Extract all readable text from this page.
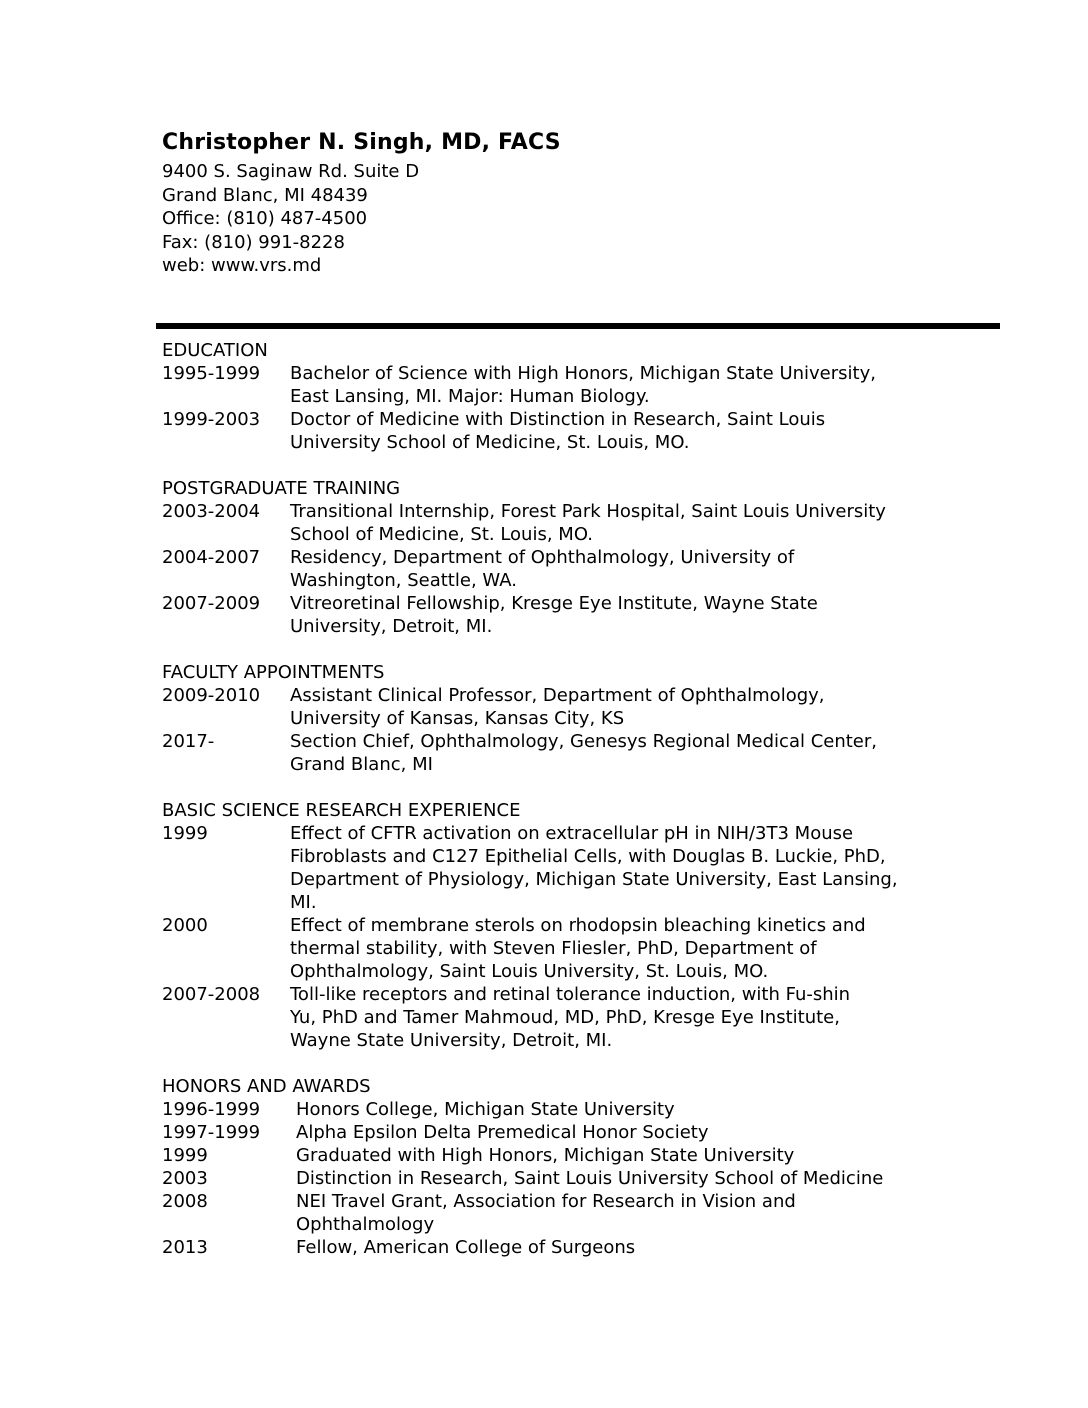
Christopher N. Singh, MD, FACS
9400 S. Saginaw Rd. Suite D
Grand Blanc, MI 48439
Office: (810) 487-4500
Fax: (810) 991-8228
web: www.vrs.md
EDUCATION
1995-1999	Bachelor of Science with High Honors, Michigan State University,
East Lansing, MI. Major: Human Biology.
1999-2003	Doctor of Medicine with Distinction in Research, Saint Louis
University School of Medicine, St. Louis, MO.
POSTGRADUATE TRAINING
2003-2004	Transitional Internship, Forest Park Hospital, Saint Louis University
School of Medicine, St. Louis, MO.
2004-2007	Residency, Department of Ophthalmology, University of
Washington, Seattle, WA.
2007-2009	Vitreoretinal Fellowship, Kresge Eye Institute, Wayne State
University, Detroit, MI.
FACULTY APPOINTMENTS
2009-2010	Assistant Clinical Professor, Department of Ophthalmology,
University of Kansas, Kansas City, KS
2017-	Section Chief, Ophthalmology, Genesys Regional Medical Center,
Grand Blanc, MI
BASIC SCIENCE RESEARCH EXPERIENCE
1999	Effect of CFTR activation on extracellular pH in NIH/3T3 Mouse
Fibroblasts and C127 Epithelial Cells, with Douglas B. Luckie, PhD,
Department of Physiology, Michigan State University, East Lansing,
MI.
2000	Effect of membrane sterols on rhodopsin bleaching kinetics and
thermal stability, with Steven Fliesler, PhD, Department of
Ophthalmology, Saint Louis University, St. Louis, MO.
2007-2008	Toll-like receptors and retinal tolerance induction, with Fu-shin
Yu, PhD and Tamer Mahmoud, MD, PhD, Kresge Eye Institute,
Wayne State University, Detroit, MI.
HONORS AND AWARDS
1996-1999	Honors College, Michigan State University
1997-1999	Alpha Epsilon Delta Premedical Honor Society
1999	Graduated with High Honors, Michigan State University
2003	Distinction in Research, Saint Louis University School of Medicine
2008	NEI Travel Grant, Association for Research in Vision and
Ophthalmology
2013	Fellow, American College of Surgeons
